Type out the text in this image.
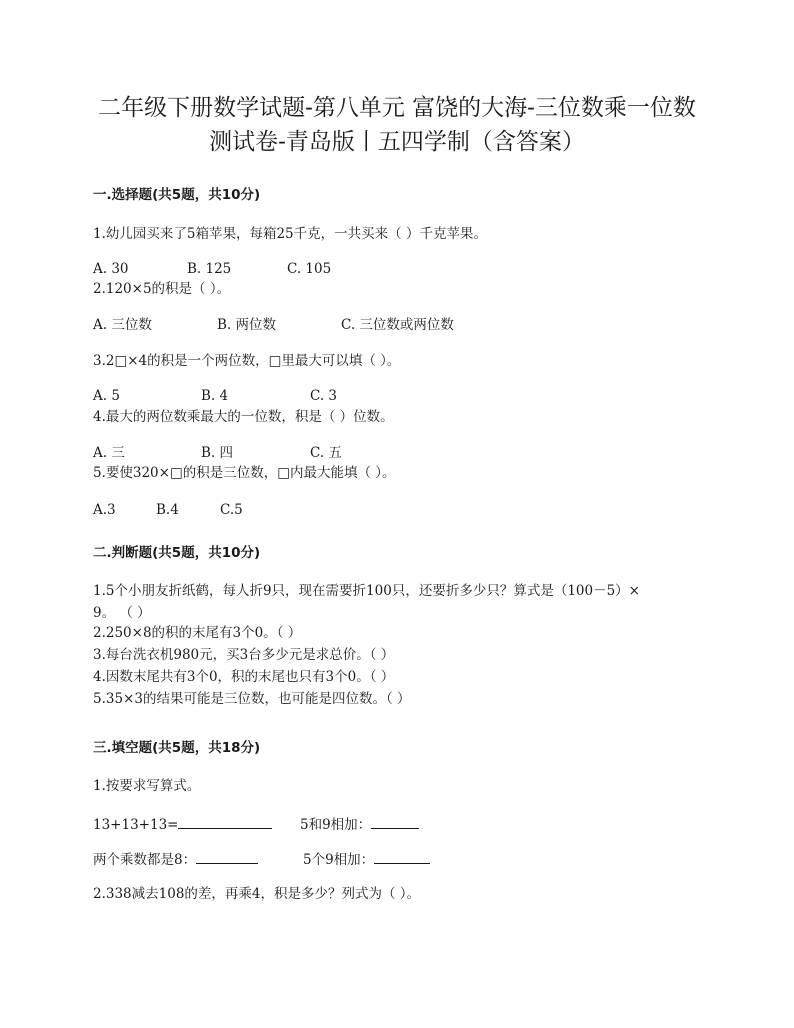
二年级下册数学试题-第八单元 富饶的大海-三位数乘一位数
测试卷-青岛版丨五四学制（含答案）
一.选择题(共5题，共10分)
1.幼儿园买来了5箱苹果，每箱25千克，一共买来（ ）千克苹果。
A. 30	B. 125	C. 105
2.120×5的积是（ ）。
A. 三位数	B. 两位数	C. 三位数或两位数
3.2□×4的积是一个两位数，□里最大可以填（ ）。
A. 5	B. 4	C. 3
4.最大的两位数乘最大的一位数，积是（ ）位数。
A. 三	B. 四	C. 五
5.要使320×□的积是三位数，□内最大能填（ ）。
A.3	B.4	C.5
二.判断题(共5题，共10分)
1.5个小朋友折纸鹤，每人折9只，现在需要折100只，还要折多少只？算式是（100－5）×
9。 （ ）
2.250×8的积的末尾有3个0。（ ）
3.每台洗衣机980元，买3台多少元是求总价。（ ）
4.因数末尾共有3个0，积的末尾也只有3个0。（ ）
5.35×3的结果可能是三位数，也可能是四位数。（ ）
三.填空题(共5题，共18分)
1.按要求写算式。
13+13+13=	5和9相加：
两个乘数都是8：	5个9相加：
2.338减去108的差，再乘4，积是多少？列式为（ ）。
